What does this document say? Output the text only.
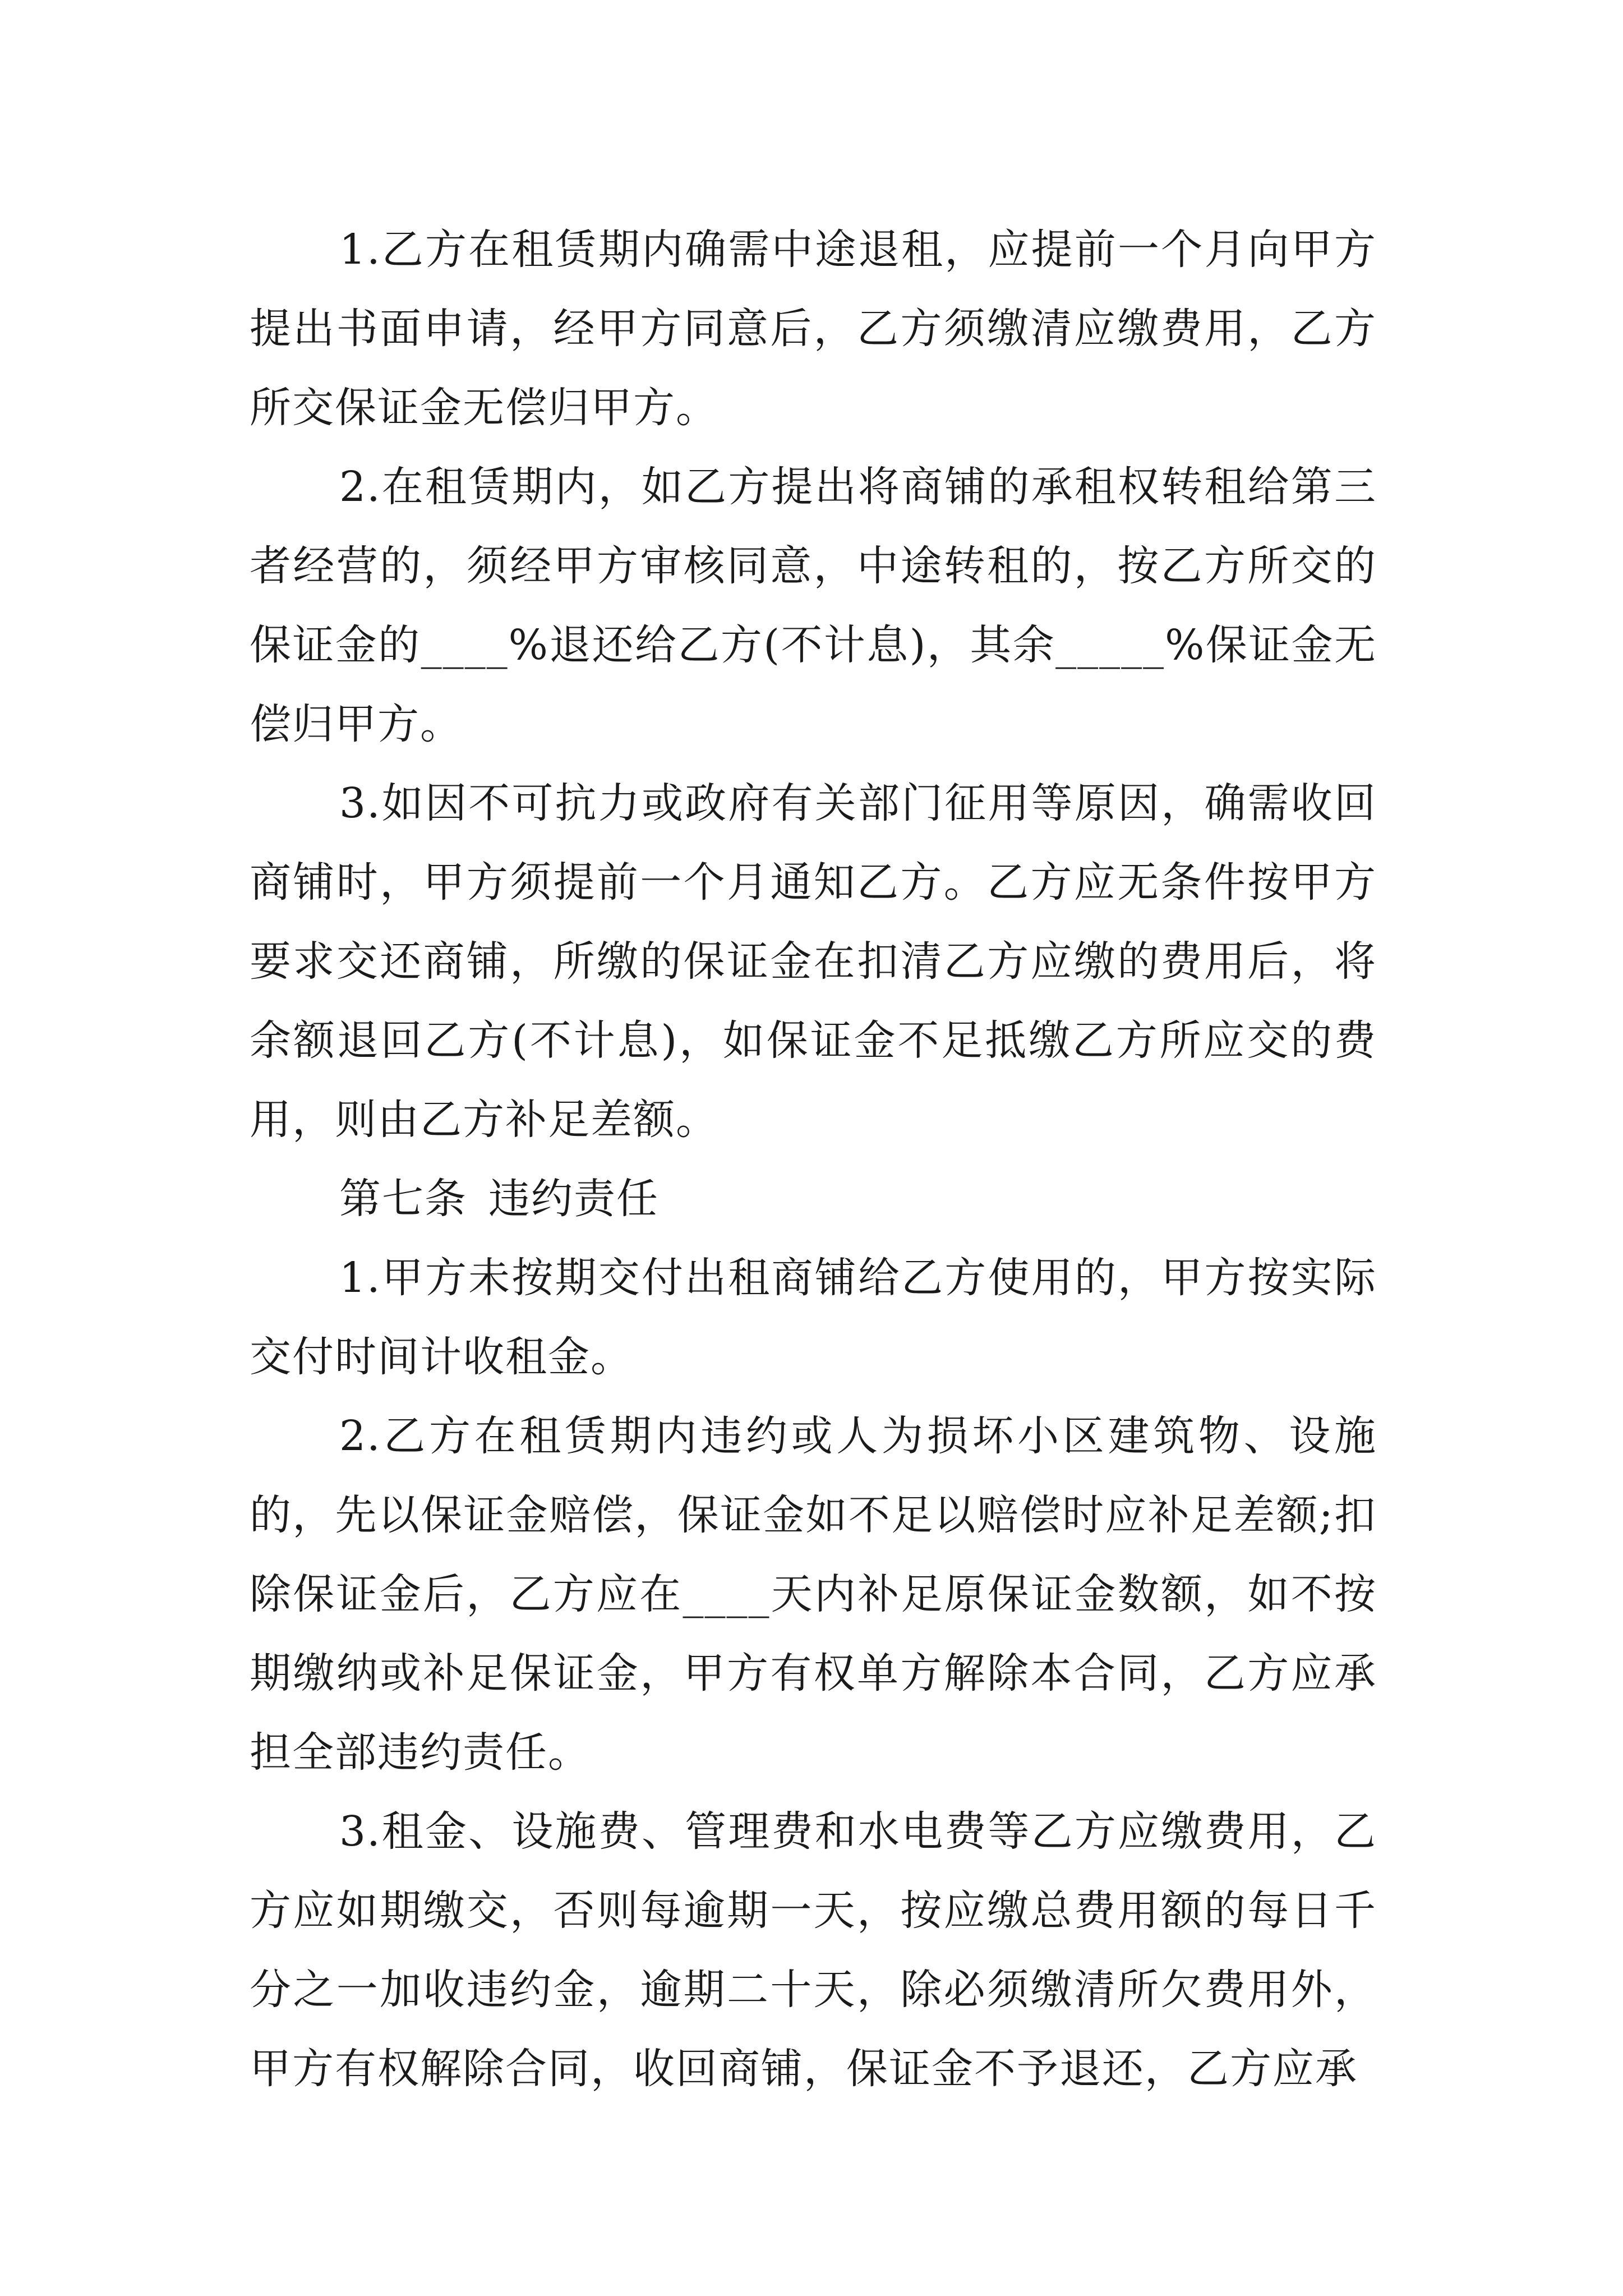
1.乙方在租赁期内确需中途退租，应提前一个月向甲方提出书面申请，经甲方同意后，乙方须缴清应缴费用，乙方所交保证金无偿归甲方。

2.在租赁期内，如乙方提出将商铺的承租权转租给第三者经营的，须经甲方审核同意，中途转租的，按乙方所交的保证金的____%退还给乙方(不计息)，其余_____%保证金无偿归甲方。

3.如因不可抗力或政府有关部门征用等原因，确需收回商铺时，甲方须提前一个月通知乙方。乙方应无条件按甲方要求交还商铺，所缴的保证金在扣清乙方应缴的费用后，将余额退回乙方(不计息)，如保证金不足抵缴乙方所应交的费用，则由乙方补足差额。

第七条 违约责任

1.甲方未按期交付出租商铺给乙方使用的，甲方按实际交付时间计收租金。

2.乙方在租赁期内违约或人为损坏小区建筑物、设施的，先以保证金赔偿，保证金如不足以赔偿时应补足差额;扣除保证金后，乙方应在____天内补足原保证金数额，如不按期缴纳或补足保证金，甲方有权单方解除本合同，乙方应承担全部违约责任。

3.租金、设施费、管理费和水电费等乙方应缴费用，乙方应如期缴交，否则每逾期一天，按应缴总费用额的每日千分之一加收违约金，逾期二十天，除必须缴清所欠费用外，甲方有权解除合同，收回商铺，保证金不予退还，乙方应承
